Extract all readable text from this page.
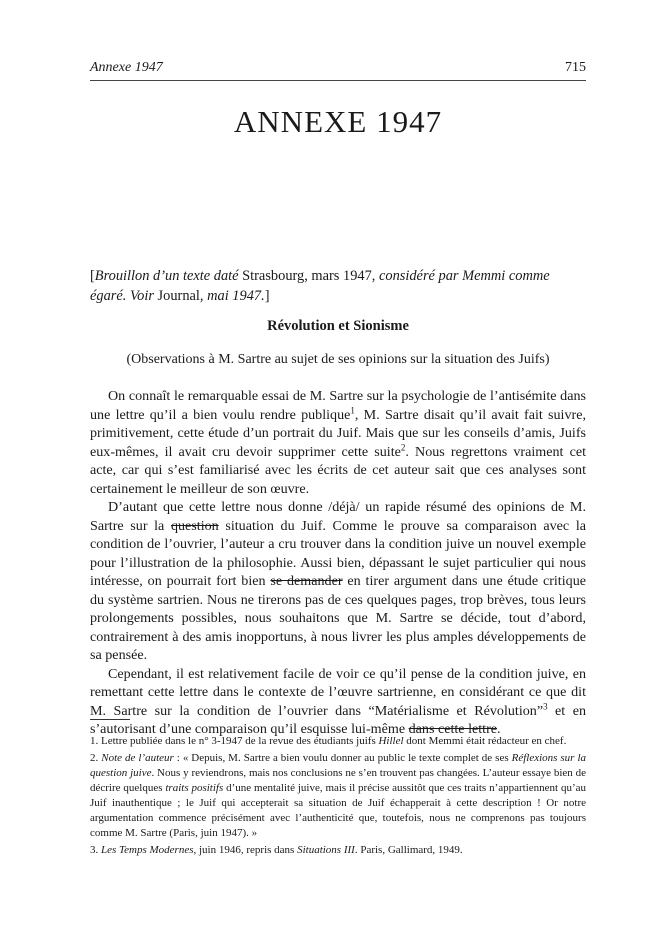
Annexe 1947	715
ANNEXE 1947
[Brouillon d’un texte daté Strasbourg, mars 1947, considéré par Memmi comme égaré. Voir Journal, mai 1947.]
Révolution et Sionisme
(Observations à M. Sartre au sujet de ses opinions sur la situation des Juifs)

On connaît le remarquable essai de M. Sartre sur la psychologie de l’antisémite dans une lettre qu’il a bien voulu rendre publique$^1$, M. Sartre disait qu’il avait fait suivre, primitivement, cette étude d’un portrait du Juif. Mais que sur les conseils d’amis, Juifs eux-mêmes, il avait cru devoir supprimer cette suite$^2$. Nous regrettons vraiment cet acte, car qui s’est familiarisé avec les écrits de cet auteur sait que ces analyses sont certainement le meilleur de son œuvre.

D’autant que cette lettre nous donne /déjà/ un rapide résumé des opinions de M. Sartre sur la question situation du Juif. Comme le prouve sa comparaison avec la condition de l’ouvrier, l’auteur a cru trouver dans la condition juive un nouvel exemple pour l’illustration de la philosophie. Aussi bien, dépassant le sujet particulier qui nous intéresse, on pourrait fort bien se demander en tirer argument dans une étude critique du système sartrien. Nous ne tirerons pas de ces quelques pages, trop brèves, tous leurs prolongements possibles, nous souhaitons que M. Sartre se décide, tout d’abord, contrairement à des amis inopportuns, à nous livrer les plus amples développements de sa pensée.

Cependant, il est relativement facile de voir ce qu’il pense de la condition juive, en remettant cette lettre dans le contexte de l’œuvre sartrienne, en considérant ce que dit M. Sartre sur la condition de l’ouvrier dans “Matérialisme et Révolution”$^3$ et en s’autorisant d’une comparaison qu’il esquisse lui-même dans cette lettre.

1. Lettre publiée dans le n° 3-1947 de la revue des étudiants juifs Hillel dont Memmi était rédacteur en chef.

2. Note de l’auteur : « Depuis, M. Sartre a bien voulu donner au public le texte complet de ses Réflexions sur la question juive. Nous y reviendrons, mais nos conclusions ne s’en trouvent pas changées. L’auteur essaye bien de décrire quelques traits positifs d’une mentalité juive, mais il précise aussitôt que ces traits n’appartiennent qu’au Juif inauthentique ; le Juif qui accepterait sa situation de Juif échapperait à cette description ! Or notre argumentation commence précisément avec l’authenticité que, toutefois, nous ne comprenons pas toujours comme M. Sartre (Paris, juin 1947). »

3. Les Temps Modernes, juin 1946, repris dans Situations III. Paris, Gallimard, 1949.
